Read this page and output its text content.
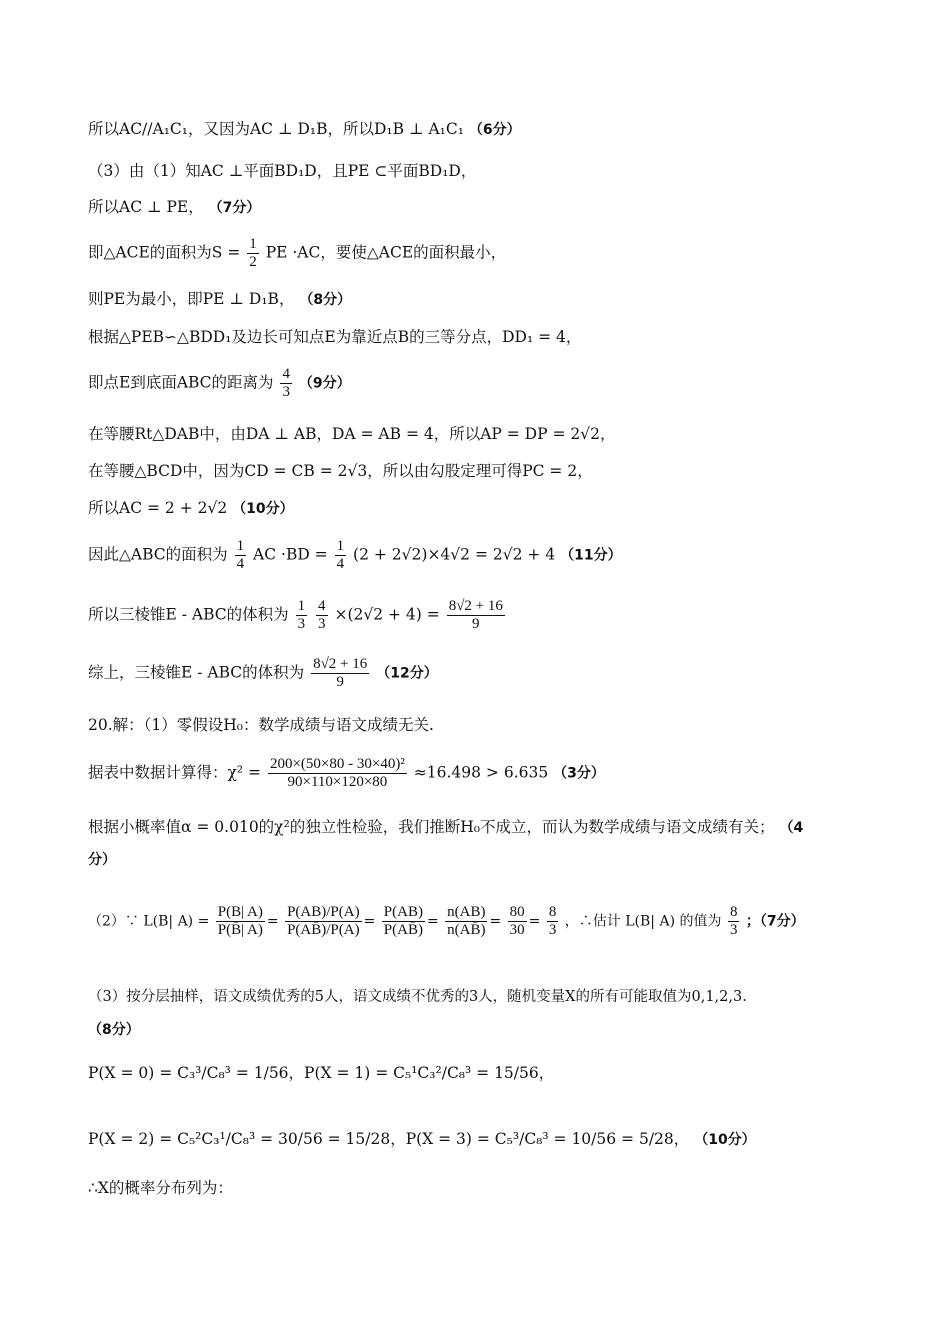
所以AC//A₁C₁，又因为AC ⊥ D₁B，所以D₁B ⊥ A₁C₁ （6分）
（3）由（1）知AC ⊥平面BD₁D，且PE ⊂平面BD₁D，
所以AC ⊥ PE， （7分）
即△ACE的面积为$S = \frac{1}{2}$ PE ·AC，要使△ACE的面积最小，
则PE为最小，即PE ⊥ D₁B， （8分）
根据△PEB∽△BDD₁及边长可知点E为靠近点B的三等分点，DD₁ = 4，
即点E到底面ABC的距离为 $\frac{4}{3} (9$分）
在等腰Rt△DAB中，由DA ⊥ AB，DA = AB = 4，所以AP = DP = 2√2，
在等腰△BCD中，因为CD = CB = 2√3，所以由勾股定理可得PC = 2，
所以AC = 2 + 2√2 （10分）
因此△ABC的面积为 $\frac{1}{4}$ AC $\cdot BD = \frac{1}{4} (2 + 2√2)\times 4√2 = 2√2 + 4$ （11分）
所以三棱锥E - ABC的体积为 $\frac{1}{3}$
$\frac{4}{3} \times(2√2 + 4) = \frac{8√2 + 16}{9}$
综上，三棱锥E - ABC的体积为 $\frac{8√2 + 16}{9} (12$分）
20.解：（1）零假设H₀：数学成绩与语文成绩无关.
据表中数据计算得：$\chi^2 = \frac{\text{200×(50×80 - 30×40)²}}{90\times 110\times 120\times 80} \approx 16.498 > 6.635$ （3分）
根据小概率值α = 0.010的χ²的独立性检验，我们推断H₀不成立，而认为数学成绩与语文成绩有关； （4
分）
（2）∵ L(B| $A) = \frac{P(B| A)}{P(B̄| A)} = \frac{P(AB)/P(A)}{P(AB̄)/P(A)} = \frac{P(AB)}{P(AB̄)} = \frac{n(AB)}{n(AB̄)} = \frac{80}{30} = \frac{8}{3}$ ，∴估计 L(B| A) 的值为 $\frac{8}{3}$ ；（7分）
（3）按分层抽样，语文成绩优秀的5人，语文成绩不优秀的3人，随机变量X的所有可能取值为0,1,2,3.
（8分）
P(X = 0) = C₃³/C₈³ = 1/56，P(X = 1) = C₅¹C₃²/C₈³ = 15/56，
P(X = 2) = C₅²C₃¹/C₈³ = 30/56 = 15/28，P(X = 3) = C₅³/C₈³ = 10/56 = 5/28， （10分）
∴X的概率分布列为：
